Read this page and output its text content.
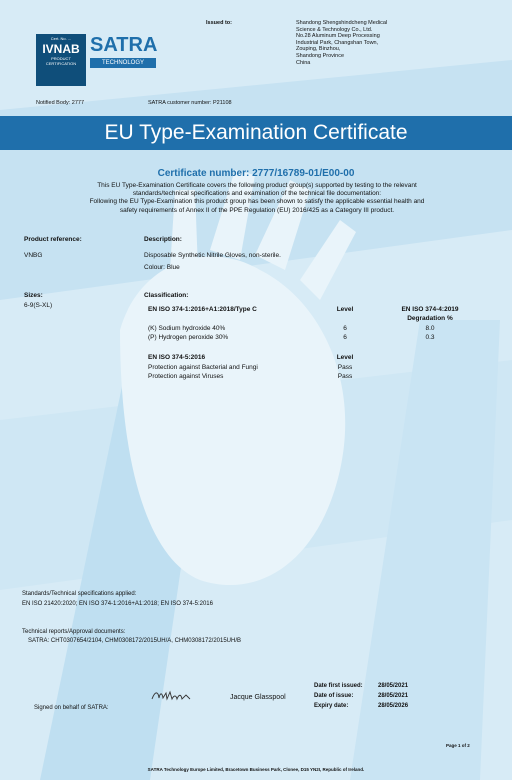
Cert. No. ...
IVNAB
PRODUCT
CERTIFICATION
SATRA
TECHNOLOGY
Issued to:	Shandong Shengshindcheng Medical
Science & Technology Co., Ltd.
No.28 Aluminum Deep Processing
Industrial Park, Changshan Town,
Zouping, Binzhou,
Shandong Province
China
Notified Body: 2777	SATRA customer number: P21108
EU Type-Examination Certificate
Certificate number: 2777/16789-01/E00-00
This EU Type-Examination Certificate covers the following product group(s) supported by testing to the relevant
standards/technical specifications and examination of the technical file documentation:
Following the EU Type-Examination this product group has been shown to satisfy the applicable essential health and
safety requirements of Annex II of the PPE Regulation (EU) 2016/425 as a Category III product.
Product reference:	Description:
VNBG	Disposable Synthetic Nitrile Gloves, non-sterile.
Colour: Blue
Sizes:
6-9(S-XL)
Classification:
EN ISO 374-1:2016+A1:2018/Type C	Level	EN ISO 374-4:2019
Degradation %
(K) Sodium hydroxide 40%	6	8.0
(P) Hydrogen peroxide 30%	6	0.3
EN ISO 374-5:2016	Level
Protection against Bacterial and Fungi	Pass
Protection against Viruses	Pass
Standards/Technical specifications applied:
EN ISO 21420:2020; EN ISO 374-1:2016+A1:2018; EN ISO 374-5:2016
Technical reports/Approval documents:
SATRA: CHT0307654/2104, CHM0308172/2015UH/A, CHM0308172/2015UH/B
Date first issued:	28/05/2021
Date of issue:	28/05/2021
Expiry date:	28/05/2026
Signed on behalf of SATRA:
Jacque Glasspool
Page 1 of 2
SATRA Technology Europe Limited, Bracetown Business Park, Clonee, D15 YN2I, Republic of Ireland.
